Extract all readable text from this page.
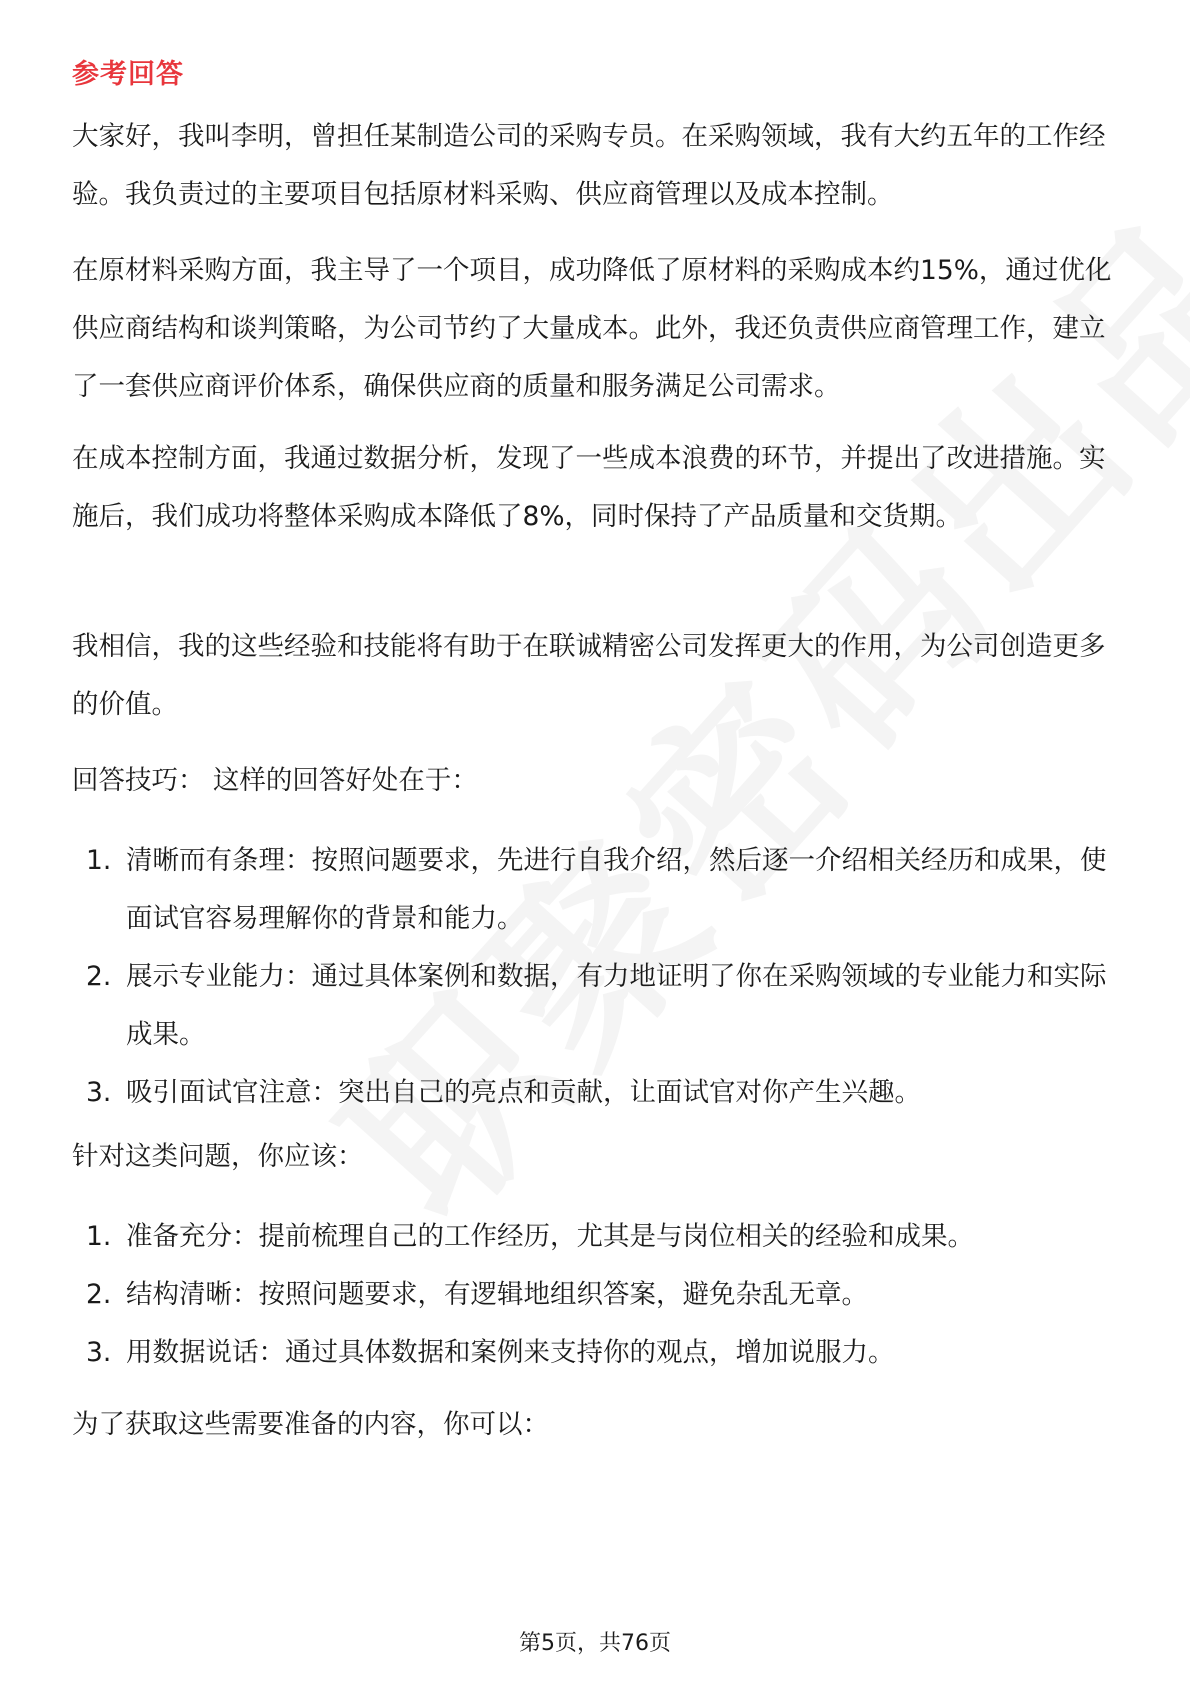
参考回答

大家好，我叫李明，曾担任某制造公司的采购专员。在采购领域，我有大约五年的工作经验。我负责过的主要项目包括原材料采购、供应商管理以及成本控制。

在原材料采购方面，我主导了一个项目，成功降低了原材料的采购成本约15%，通过优化供应商结构和谈判策略，为公司节约了大量成本。此外，我还负责供应商管理工作，建立了一套供应商评价体系，确保供应商的质量和服务满足公司需求。

在成本控制方面，我通过数据分析，发现了一些成本浪费的环节，并提出了改进措施。实施后，我们成功将整体采购成本降低了8%，同时保持了产品质量和交货期。

我相信，我的这些经验和技能将有助于在联诚精密公司发挥更大的作用，为公司创造更多的价值。

回答技巧： 这样的回答好处在于：

1. 清晰而有条理：按照问题要求，先进行自我介绍，然后逐一介绍相关经历和成果，使面试官容易理解你的背景和能力。
2. 展示专业能力：通过具体案例和数据，有力地证明了你在采购领域的专业能力和实际成果。
3. 吸引面试官注意：突出自己的亮点和贡献，让面试官对你产生兴趣。

针对这类问题，你应该：

1. 准备充分：提前梳理自己的工作经历，尤其是与岗位相关的经验和成果。
2. 结构清晰：按照问题要求，有逻辑地组织答案，避免杂乱无章。
3. 用数据说话：通过具体数据和案例来支持你的观点，增加说服力。

为了获取这些需要准备的内容，你可以：

第5页，共76页
